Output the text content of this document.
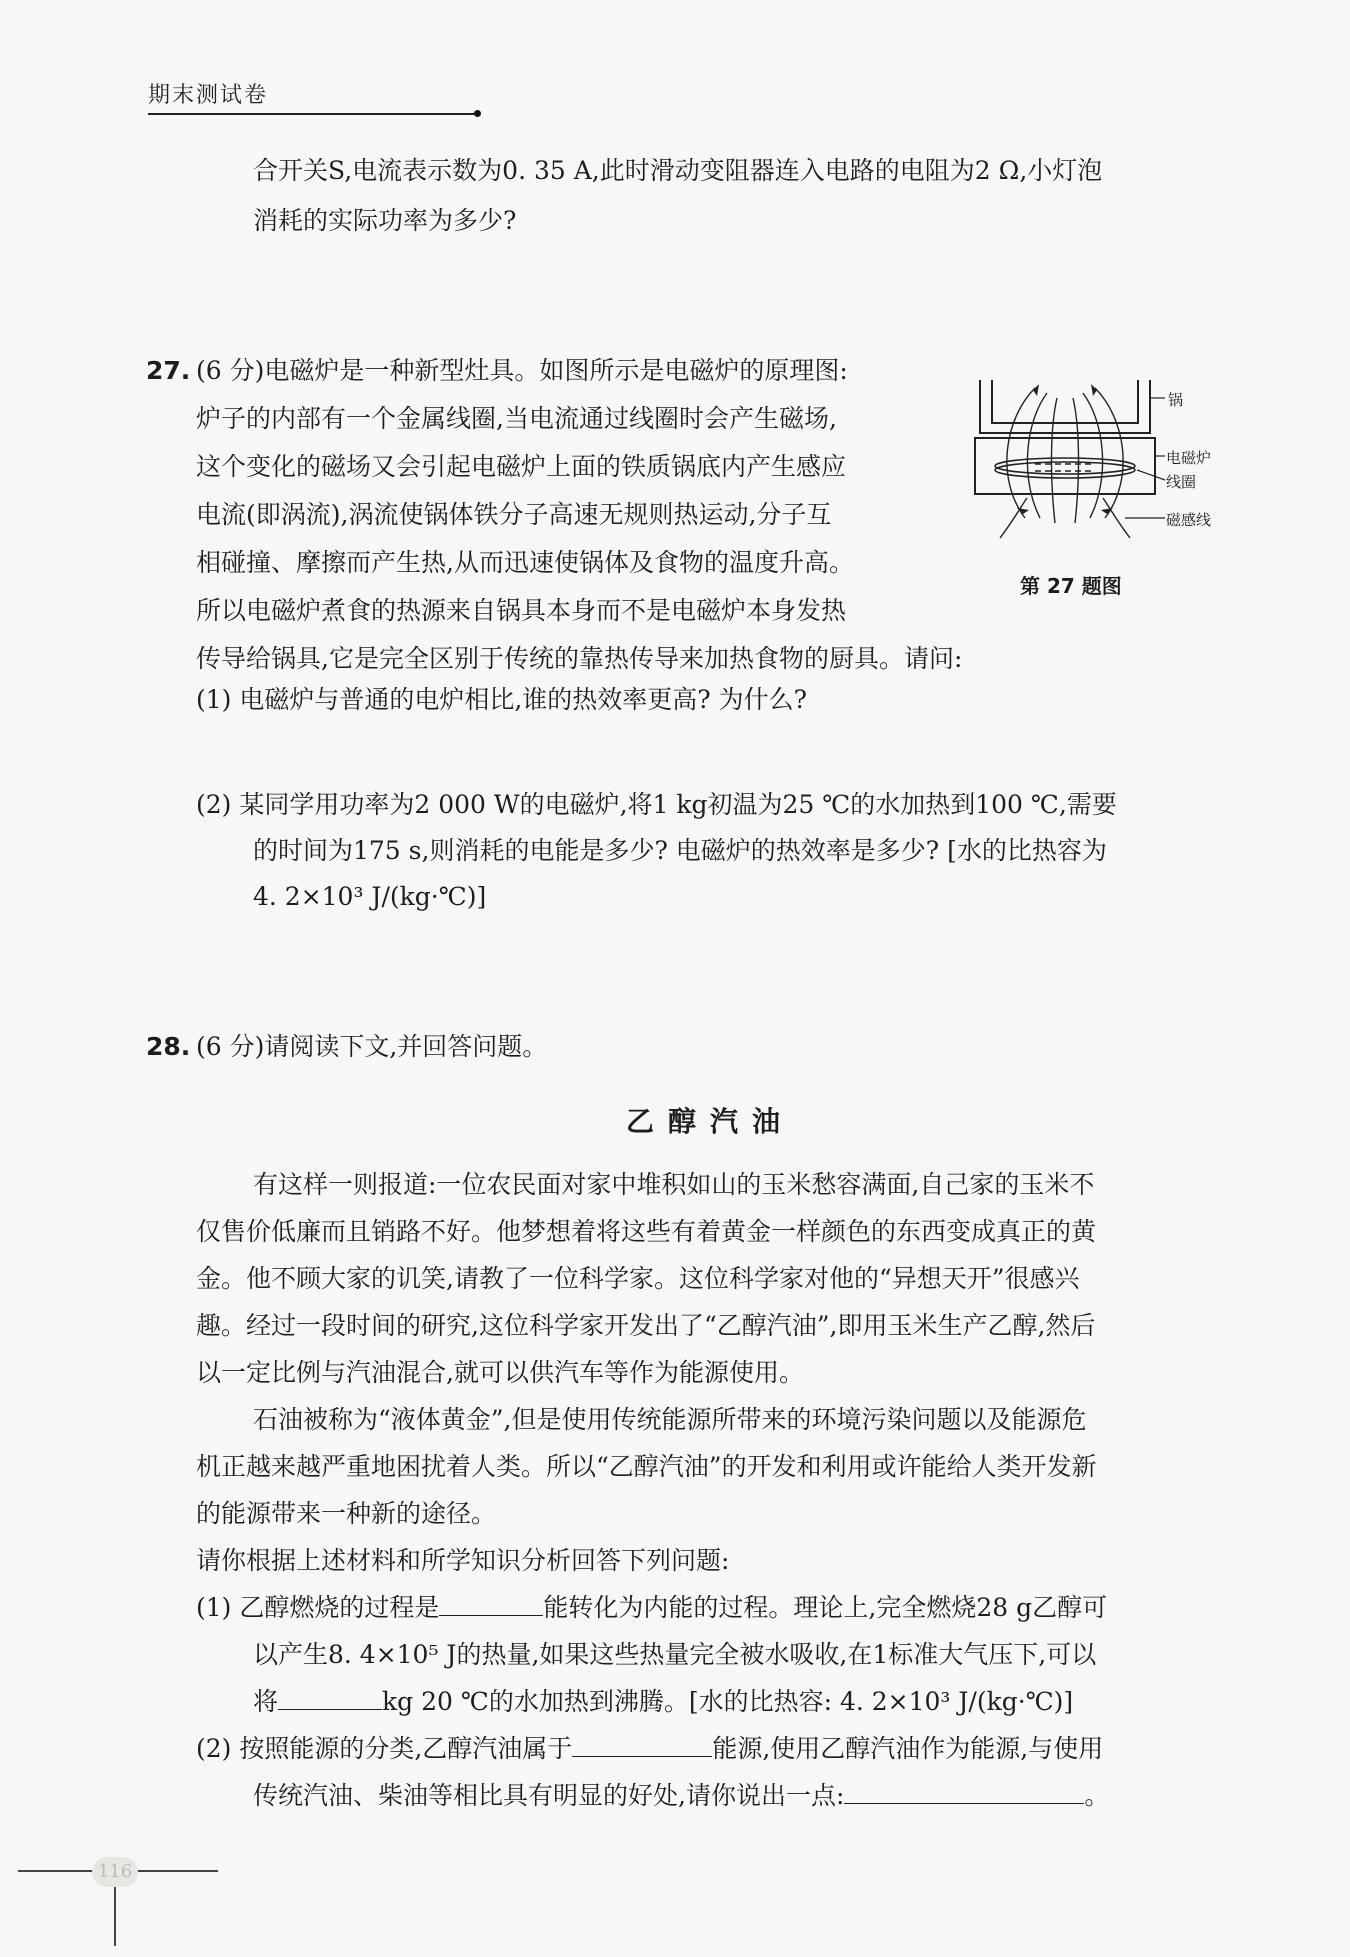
期末测试卷
合开关S,电流表示数为0. 35 A,此时滑动变阻器连入电路的电阻为2 Ω,小灯泡
消耗的实际功率为多少?
27. (6 分)电磁炉是一种新型灶具。如图所示是电磁炉的原理图:
炉子的内部有一个金属线圈,当电流通过线圈时会产生磁场,
这个变化的磁场又会引起电磁炉上面的铁质锅底内产生感应
电流(即涡流),涡流使锅体铁分子高速无规则热运动,分子互
相碰撞、摩擦而产生热,从而迅速使锅体及食物的温度升高。
所以电磁炉煮食的热源来自锅具本身而不是电磁炉本身发热
传导给锅具,它是完全区别于传统的靠热传导来加热食物的厨具。请问:
(1) 电磁炉与普通的电炉相比,谁的热效率更高? 为什么?
(2) 某同学用功率为2 000 W的电磁炉,将1 kg初温为25 ℃的水加热到100 ℃,需要
的时间为175 s,则消耗的电能是多少? 电磁炉的热效率是多少? [水的比热容为
4. 2×10³ J/(kg·℃)]
锅
电磁炉
线圈
磁感线
第 27 题图
28. (6 分)请阅读下文,并回答问题。
乙醇汽油
有这样一则报道:一位农民面对家中堆积如山的玉米愁容满面,自己家的玉米不
仅售价低廉而且销路不好。他梦想着将这些有着黄金一样颜色的东西变成真正的黄
金。他不顾大家的讥笑,请教了一位科学家。这位科学家对他的“异想天开”很感兴
趣。经过一段时间的研究,这位科学家开发出了“乙醇汽油”,即用玉米生产乙醇,然后
以一定比例与汽油混合,就可以供汽车等作为能源使用。
石油被称为“液体黄金”,但是使用传统能源所带来的环境污染问题以及能源危
机正越来越严重地困扰着人类。所以“乙醇汽油”的开发和利用或许能给人类开发新
的能源带来一种新的途径。
请你根据上述材料和所学知识分析回答下列问题:
(1) 乙醇燃烧的过程是	能转化为内能的过程。理论上,完全燃烧28 g乙醇可
以产生8. 4×10⁵ J的热量,如果这些热量完全被水吸收,在1标准大气压下,可以
将	kg 20 ℃的水加热到沸腾。[水的比热容: 4. 2×10³ J/(kg·℃)]
(2) 按照能源的分类,乙醇汽油属于	能源,使用乙醇汽油作为能源,与使用
传统汽油、柴油等相比具有明显的好处,请你说出一点:	。
116
